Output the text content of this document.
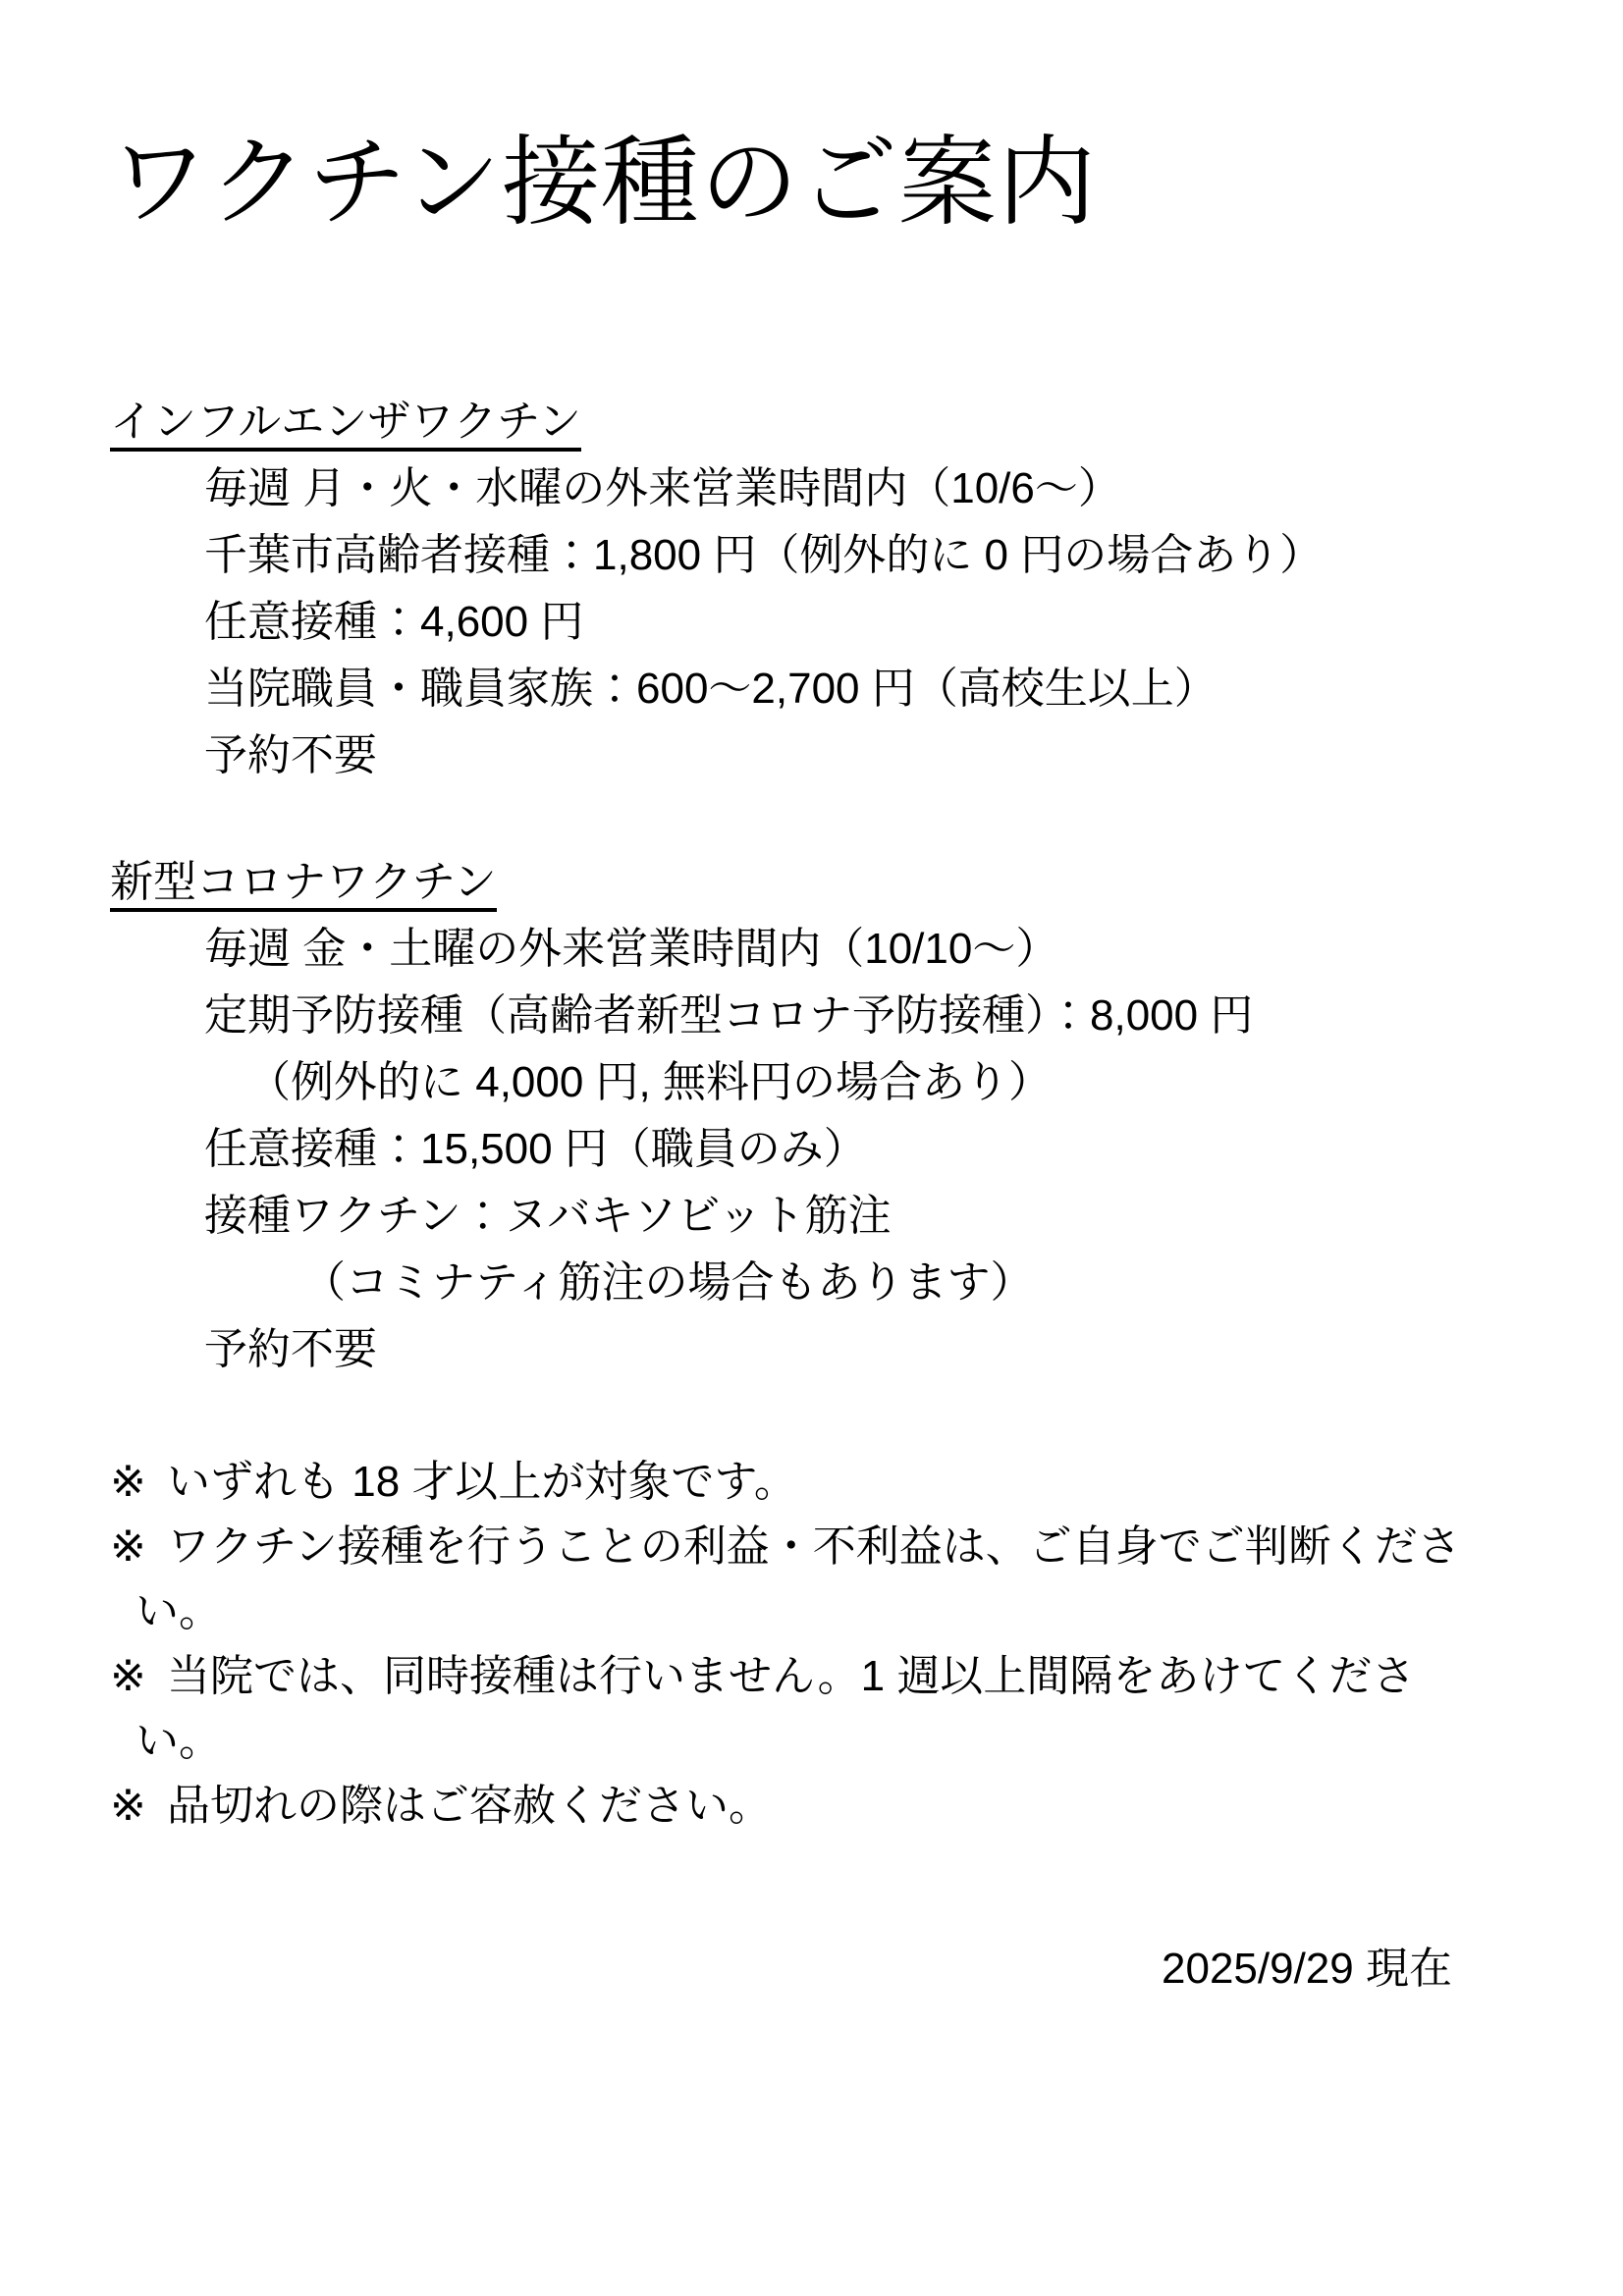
ワクチン接種のご案内
インフルエンザワクチン
毎週 月・火・水曜の外来営業時間内（10/6～）
千葉市高齢者接種：1,800 円（例外的に 0 円の場合あり）
任意接種：4,600 円
当院職員・職員家族：600～2,700 円（高校生以上）
予約不要
新型コロナワクチン
毎週 金・土曜の外来営業時間内（10/10～）
定期予防接種（高齢者新型コロナ予防接種）：8,000 円
（例外的に 4,000 円, 無料円の場合あり）
任意接種：15,500 円（職員のみ）
接種ワクチン：ヌバキソビット筋注
（コミナティ筋注の場合もあります）
予約不要
※ いずれも 18 才以上が対象です。
※ ワクチン接種を行うことの利益・不利益は、ご自身でご判断くださ
い。
※ 当院では、同時接種は行いません。1 週以上間隔をあけてくださ
い。
※ 品切れの際はご容赦ください。
2025/9/29 現在
